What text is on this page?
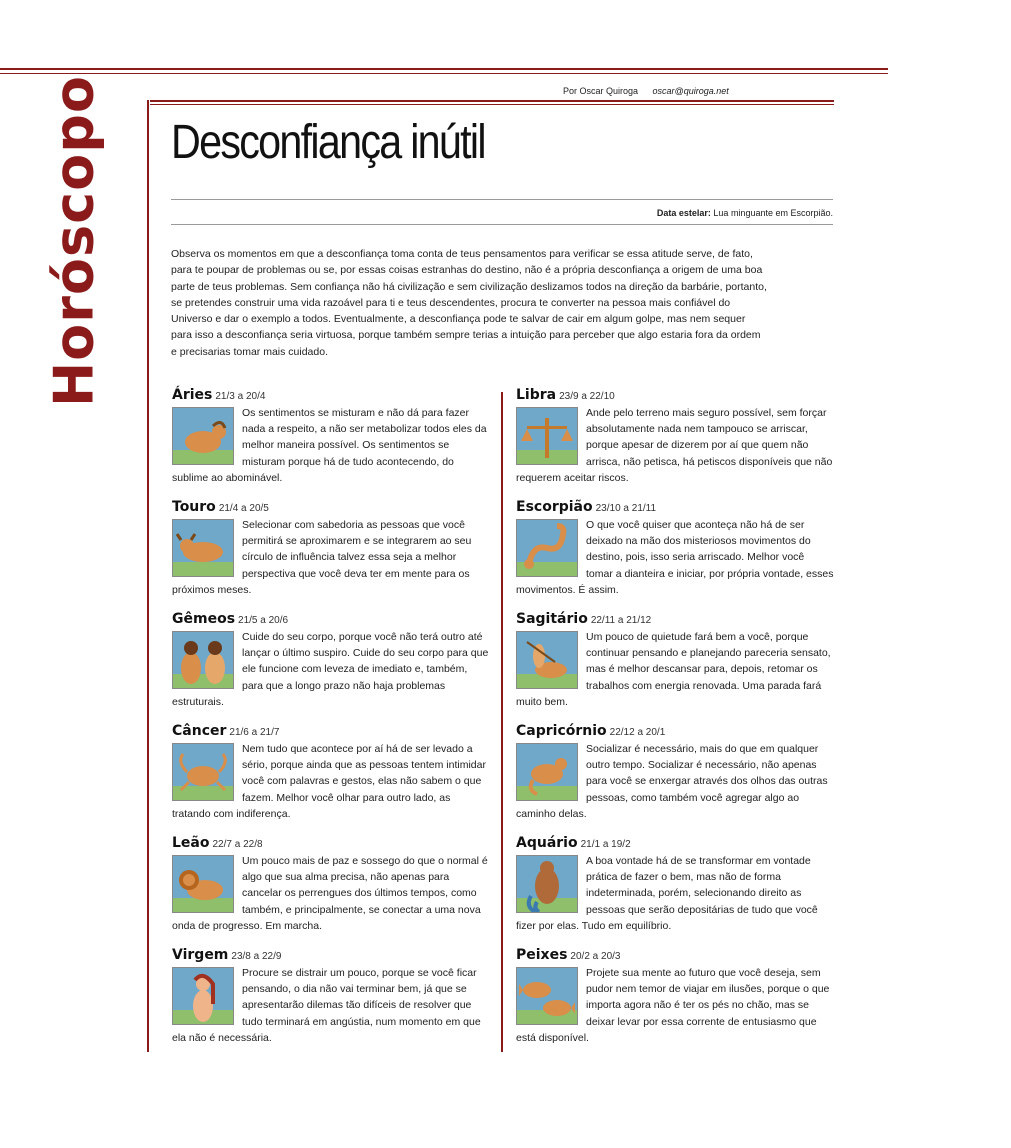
Horóscopo	Por Oscar Quiroga oscar@quiroga.net
Desconfiança inútil
Data estelar: Lua minguante em Escorpião.

Observa os momentos em que a desconfiança toma conta de teus pensamentos para verificar se essa atitude serve, de fato, para te poupar de problemas ou se, por essas coisas estranhas do destino, não é a própria desconfiança a origem de uma boa parte de teus problemas. Sem confiança não há civilização e sem civilização deslizamos todos na direção da barbárie, portanto, se pretendes construir uma vida razoável para ti e teus descendentes, procura te converter na pessoa mais confiável do Universo e dar o exemplo a todos. Eventualmente, a desconfiança pode te salvar de cair em algum golpe, mas nem sequer para isso a desconfiança seria virtuosa, porque também sempre terias a intuição para perceber que algo estaria fora da ordem e precisarias tomar mais cuidado.

Áries 21/3 a 20/4

Os sentimentos se misturam e não dá para fazer nada a respeito, a não ser metabolizar todos eles da melhor maneira possível. Os sentimentos se misturam porque há de tudo acontecendo, do sublime ao abominável.

Touro 21/4 a 20/5

Selecionar com sabedoria as pessoas que você permitirá se aproximarem e se integrarem ao seu círculo de influência talvez essa seja a melhor perspectiva que você deva ter em mente para os próximos meses.

Gêmeos 21/5 a 20/6

Cuide do seu corpo, porque você não terá outro até lançar o último suspiro. Cuide do seu corpo para que ele funcione com leveza de imediato e, também, para que a longo prazo não haja problemas estruturais.

Câncer 21/6 a 21/7

Nem tudo que acontece por aí há de ser levado a sério, porque ainda que as pessoas tentem intimidar você com palavras e gestos, elas não sabem o que fazem. Melhor você olhar para outro lado, as tratando com indiferença.

Leão 22/7 a 22/8

Um pouco mais de paz e sossego do que o normal é algo que sua alma precisa, não apenas para cancelar os perrengues dos últimos tempos, como também, e principalmente, se conectar a uma nova onda de progresso. Em marcha.

Virgem 23/8 a 22/9

Procure se distrair um pouco, porque se você ficar pensando, o dia não vai terminar bem, já que se apresentarão dilemas tão difíceis de resolver que tudo terminará em angústia, num momento em que ela não é necessária.

Libra 23/9 a 22/10

Ande pelo terreno mais seguro possível, sem forçar absolutamente nada nem tampouco se arriscar, porque apesar de dizerem por aí que quem não arrisca, não petisca, há petiscos disponíveis que não requerem aceitar riscos.

Escorpião 23/10 a 21/11

O que você quiser que aconteça não há de ser deixado na mão dos misteriosos movimentos do destino, pois, isso seria arriscado. Melhor você tomar a dianteira e iniciar, por própria vontade, esses movimentos. É assim.

Sagitário 22/11 a 21/12

Um pouco de quietude fará bem a você, porque continuar pensando e planejando pareceria sensato, mas é melhor descansar para, depois, retomar os trabalhos com energia renovada. Uma parada fará muito bem.

Capricórnio 22/12 a 20/1

Socializar é necessário, mais do que em qualquer outro tempo. Socializar é necessário, não apenas para você se enxergar através dos olhos das outras pessoas, como também você agregar algo ao caminho delas.

Aquário 21/1 a 19/2

A boa vontade há de se transformar em vontade prática de fazer o bem, mas não de forma indeterminada, porém, selecionando direito as pessoas que serão depositárias de tudo que você fizer por elas. Tudo em equilíbrio.

Peixes 20/2 a 20/3

Projete sua mente ao futuro que você deseja, sem pudor nem temor de viajar em ilusões, porque o que importa agora não é ter os pés no chão, mas se deixar levar por essa corrente de entusiasmo que está disponível.
